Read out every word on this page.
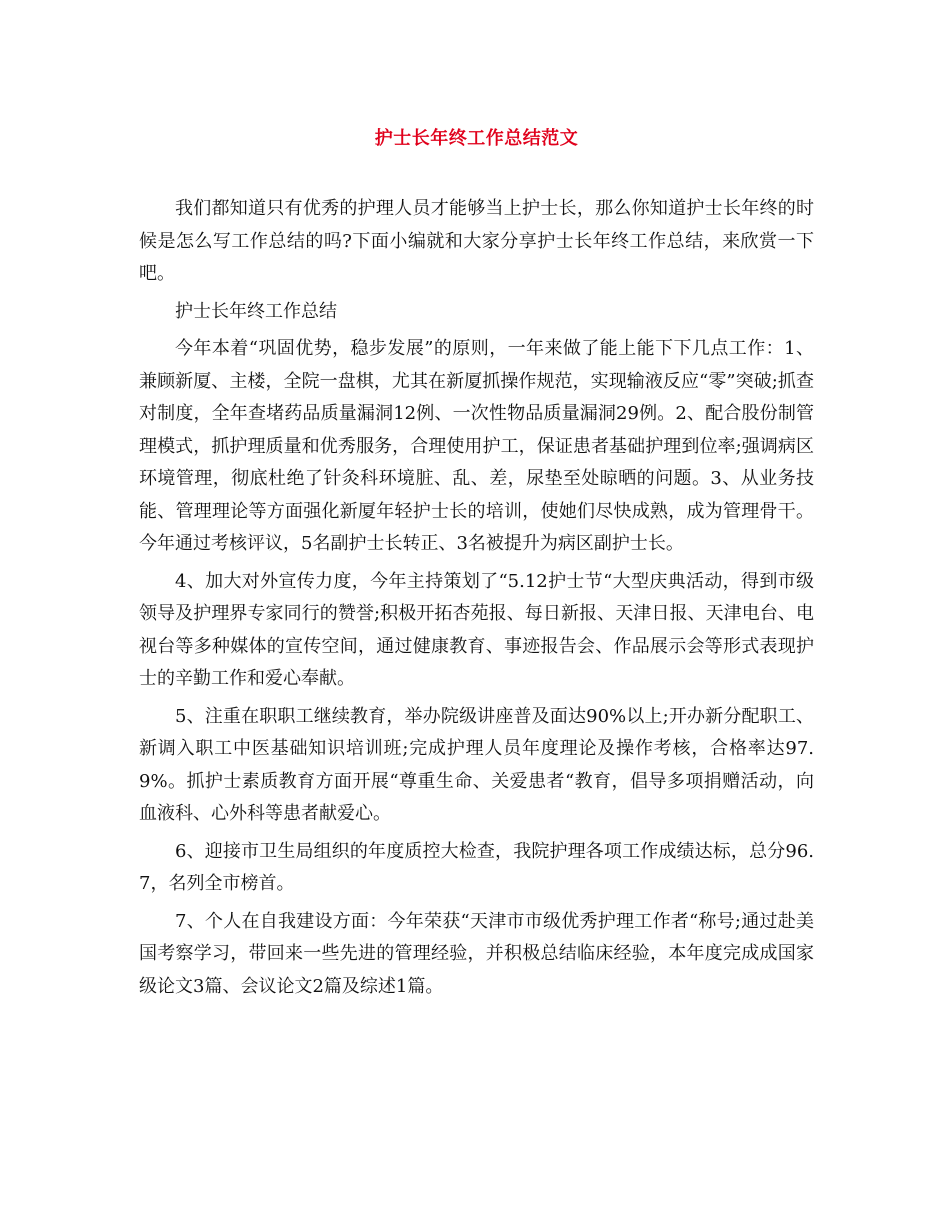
护士长年终工作总结范文

我们都知道只有优秀的护理人员才能够当上护士长，那么你知道护士长年终的时候是怎么写工作总结的吗?下面小编就和大家分享护士长年终工作总结，来欣赏一下吧。

护士长年终工作总结

今年本着“巩固优势，稳步发展”的原则，一年来做了能上能下下几点工作：1、兼顾新厦、主楼，全院一盘棋，尤其在新厦抓操作规范，实现输液反应“零”突破;抓查对制度，全年查堵药品质量漏洞12例、一次性物品质量漏洞29例。2、配合股份制管理模式，抓护理质量和优秀服务，合理使用护工，保证患者基础护理到位率;强调病区环境管理，彻底杜绝了针灸科环境脏、乱、差，尿垫至处晾晒的问题。3、从业务技能、管理理论等方面强化新厦年轻护士长的培训，使她们尽快成熟，成为管理骨干。今年通过考核评议，5名副护士长转正、3名被提升为病区副护士长。

4、加大对外宣传力度，今年主持策划了“5.12护士节“大型庆典活动，得到市级领导及护理界专家同行的赞誉;积极开拓杏苑报、每日新报、天津日报、天津电台、电视台等多种媒体的宣传空间，通过健康教育、事迹报告会、作品展示会等形式表现护士的辛勤工作和爱心奉献。

5、注重在职职工继续教育，举办院级讲座普及面达90%以上;开办新分配职工、新调入职工中医基础知识培训班;完成护理人员年度理论及操作考核，合格率达97.9%。抓护士素质教育方面开展“尊重生命、关爱患者“教育，倡导多项捐赠活动，向血液科、心外科等患者献爱心。

6、迎接市卫生局组织的年度质控大检查，我院护理各项工作成绩达标，总分96.7，名列全市榜首。

7、个人在自我建设方面：今年荣获“天津市市级优秀护理工作者“称号;通过赴美国考察学习，带回来一些先进的管理经验，并积极总结临床经验，本年度完成成国家级论文3篇、会议论文2篇及综述1篇。
